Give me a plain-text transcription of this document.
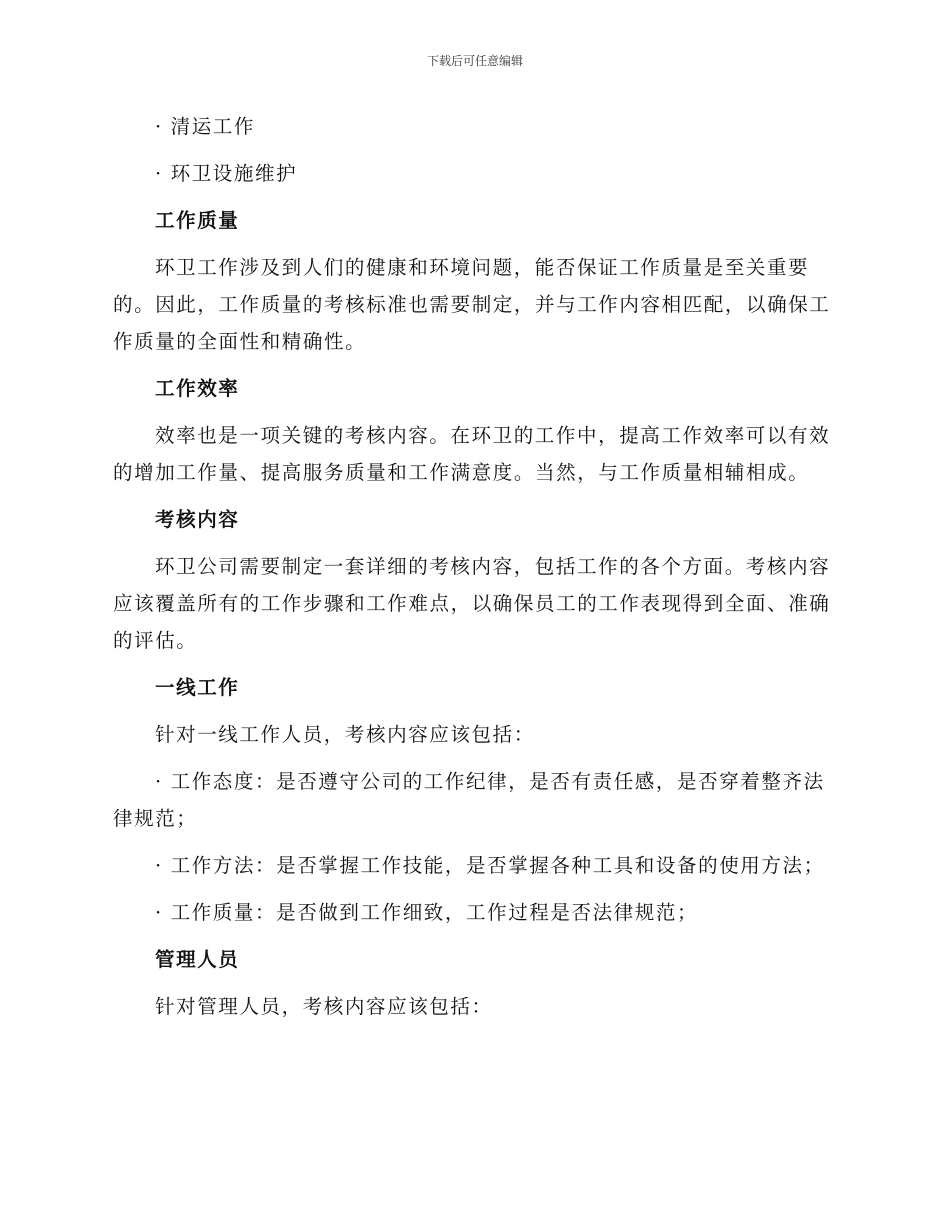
下载后可任意编辑

· 清运工作

· 环卫设施维护

工作质量

环卫工作涉及到人们的健康和环境问题，能否保证工作质量是至关重要的。因此，工作质量的考核标准也需要制定，并与工作内容相匹配，以确保工作质量的全面性和精确性。

工作效率

效率也是一项关键的考核内容。在环卫的工作中，提高工作效率可以有效的增加工作量、提高服务质量和工作满意度。当然，与工作质量相辅相成。

考核内容

环卫公司需要制定一套详细的考核内容，包括工作的各个方面。考核内容应该覆盖所有的工作步骤和工作难点，以确保员工的工作表现得到全面、准确的评估。

一线工作

针对一线工作人员，考核内容应该包括：

· 工作态度：是否遵守公司的工作纪律，是否有责任感，是否穿着整齐法律规范；

· 工作方法：是否掌握工作技能，是否掌握各种工具和设备的使用方法；

· 工作质量：是否做到工作细致，工作过程是否法律规范；

管理人员

针对管理人员，考核内容应该包括：
